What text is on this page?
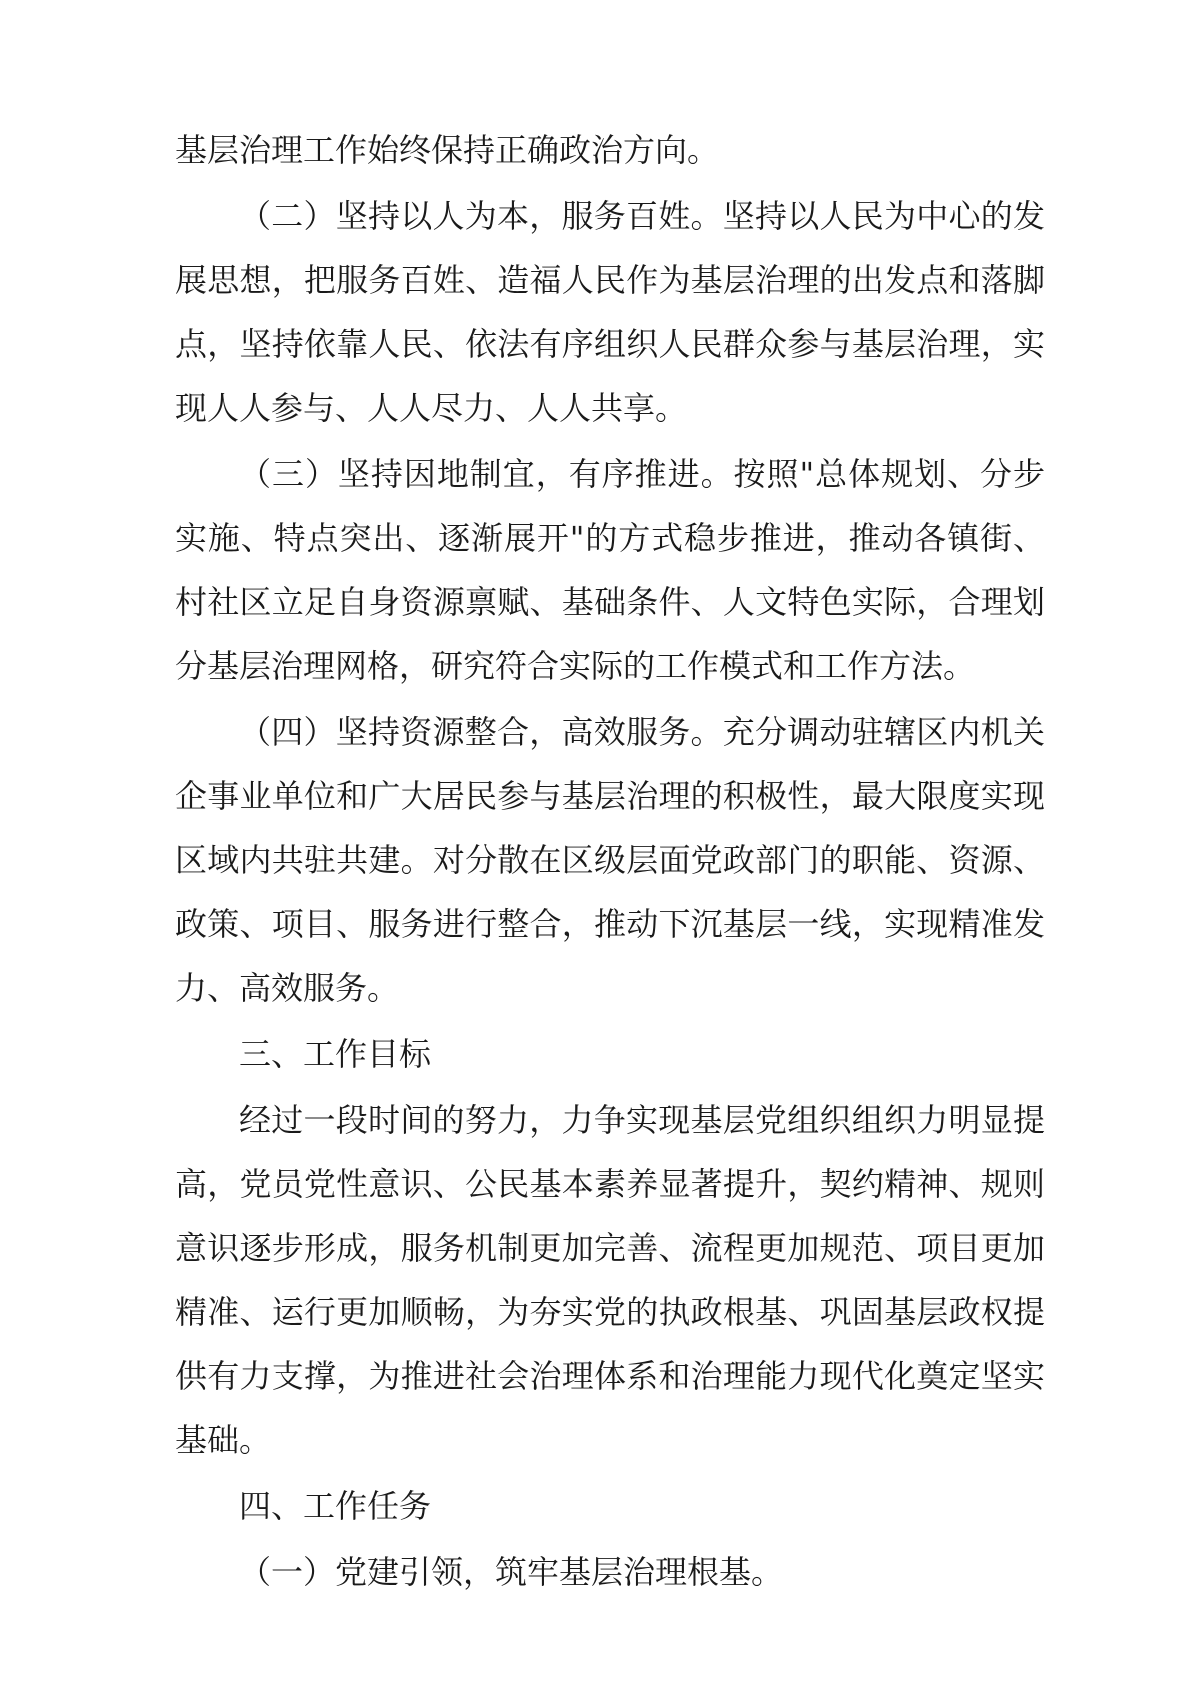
基层治理工作始终保持正确政治方向。
（二）坚持以人为本，服务百姓。坚持以人民为中心的发
展思想，把服务百姓、造福人民作为基层治理的出发点和落脚
点，坚持依靠人民、依法有序组织人民群众参与基层治理，实
现人人参与、人人尽力、人人共享。
（三）坚持因地制宜，有序推进。按照"总体规划、分步
实施、特点突出、逐渐展开"的方式稳步推进，推动各镇街、
村社区立足自身资源禀赋、基础条件、人文特色实际，合理划
分基层治理网格，研究符合实际的工作模式和工作方法。
（四）坚持资源整合，高效服务。充分调动驻辖区内机关
企事业单位和广大居民参与基层治理的积极性，最大限度实现
区域内共驻共建。对分散在区级层面党政部门的职能、资源、
政策、项目、服务进行整合，推动下沉基层一线，实现精准发
力、高效服务。
三、工作目标
经过一段时间的努力，力争实现基层党组织组织力明显提
高，党员党性意识、公民基本素养显著提升，契约精神、规则
意识逐步形成，服务机制更加完善、流程更加规范、项目更加
精准、运行更加顺畅，为夯实党的执政根基、巩固基层政权提
供有力支撑，为推进社会治理体系和治理能力现代化奠定坚实
基础。
四、工作任务
（一）党建引领，筑牢基层治理根基。
